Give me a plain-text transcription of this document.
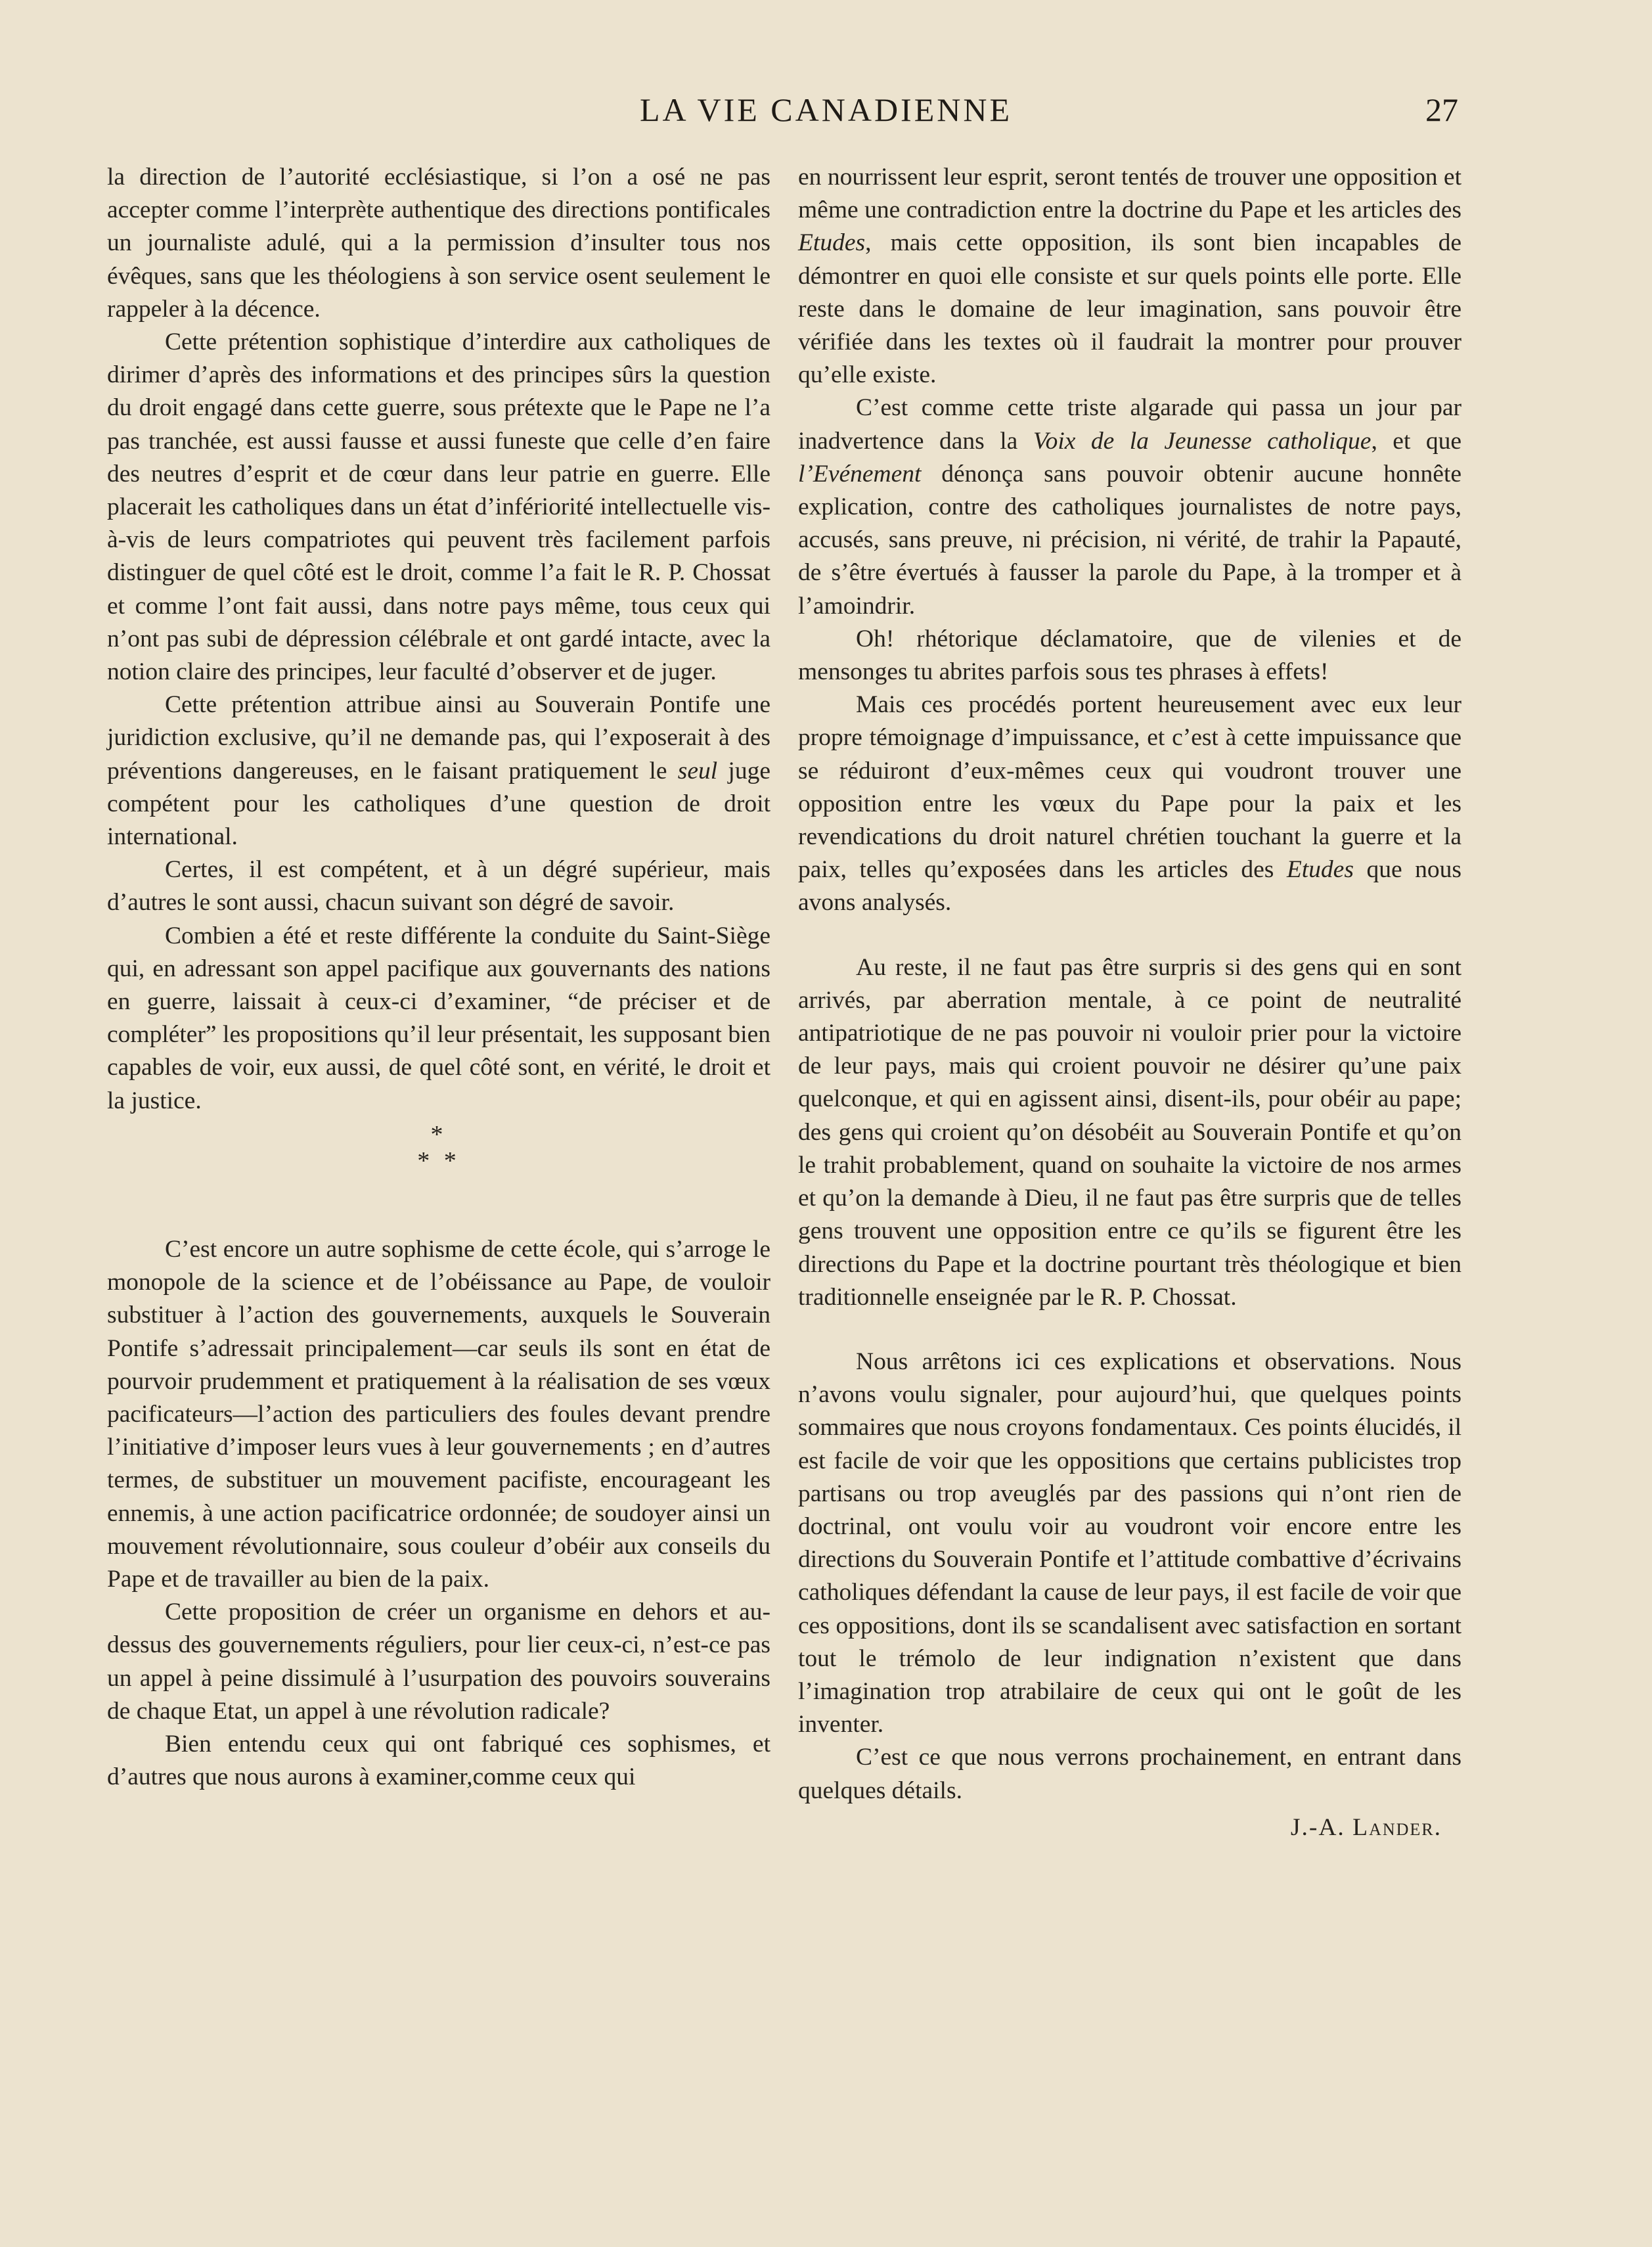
LA VIE CANADIENNE	27

la direction de l’autorité ecclésiastique, si l’on a osé ne pas accepter comme l’interprète authentique des directions pontificales un journaliste adulé, qui a la permission d’insulter tous nos évêques, sans que les théologiens à son service osent seulement le rappeler à la décence.

Cette prétention sophistique d’interdire aux catholiques de dirimer d’après des informations et des principes sûrs la question du droit engagé dans cette guerre, sous prétexte que le Pape ne l’a pas tranchée, est aussi fausse et aussi funeste que celle d’en faire des neutres d’esprit et de cœur dans leur patrie en guerre. Elle placerait les catholiques dans un état d’infériorité intellectuelle vis-à-vis de leurs compatriotes qui peuvent très facilement parfois distinguer de quel côté est le droit, comme l’a fait le R. P. Chossat et comme l’ont fait aussi, dans notre pays même, tous ceux qui n’ont pas subi de dépression célébrale et ont gardé intacte, avec la notion claire des principes, leur faculté d’observer et de juger.

Cette prétention attribue ainsi au Souverain Pontife une juridiction exclusive, qu’il ne demande pas, qui l’exposerait à des préventions dangereuses, en le faisant pratiquement le seul juge compétent pour les catholiques d’une question de droit international.

Certes, il est compétent, et à un dégré supérieur, mais d’autres le sont aussi, chacun suivant son dégré de savoir.

Combien a été et reste différente la conduite du Saint-Siège qui, en adressant son appel pacifique aux gouvernants des nations en guerre, laissait à ceux-ci d’examiner, “de préciser et de compléter” les propositions qu’il leur présentait, les supposant bien capables de voir, eux aussi, de quel côté sont, en vérité, le droit et la justice.

*
* *

C’est encore un autre sophisme de cette école, qui s’arroge le monopole de la science et de l’obéissance au Pape, de vouloir substituer à l’action des gouvernements, auxquels le Souverain Pontife s’adressait principalement—car seuls ils sont en état de pourvoir prudemment et pratiquement à la réalisation de ses vœux pacificateurs—l’action des particuliers des foules devant prendre l’initiative d’imposer leurs vues à leur gouvernements ; en d’autres termes, de substituer un mouvement pacifiste, encourageant les ennemis, à une action pacificatrice ordonnée; de soudoyer ainsi un mouvement révolutionnaire, sous couleur d’obéir aux conseils du Pape et de travailler au bien de la paix.

Cette proposition de créer un organisme en dehors et au-dessus des gouvernements réguliers, pour lier ceux-ci, n’est-ce pas un appel à peine dissimulé à l’usurpation des pouvoirs souverains de chaque Etat, un appel à une révolution radicale?

Bien entendu ceux qui ont fabriqué ces sophismes, et d’autres que nous aurons à examiner,comme ceux qui

en nourrissent leur esprit, seront tentés de trouver une opposition et même une contradiction entre la doctrine du Pape et les articles des Etudes, mais cette opposition, ils sont bien incapables de démontrer en quoi elle consiste et sur quels points elle porte. Elle reste dans le domaine de leur imagination, sans pouvoir être vérifiée dans les textes où il faudrait la montrer pour prouver qu’elle existe.

C’est comme cette triste algarade qui passa un jour par inadvertence dans la Voix de la Jeunesse catholique, et que l’Evénement dénonça sans pouvoir obtenir aucune honnête explication, contre des catholiques journalistes de notre pays, accusés, sans preuve, ni précision, ni vérité, de trahir la Papauté, de s’être évertués à fausser la parole du Pape, à la tromper et à l’amoindrir.

Oh! rhétorique déclamatoire, que de vilenies et de mensonges tu abrites parfois sous tes phrases à effets!

Mais ces procédés portent heureusement avec eux leur propre témoignage d’impuissance, et c’est à cette impuissance que se réduiront d’eux-mêmes ceux qui voudront trouver une opposition entre les vœux du Pape pour la paix et les revendications du droit naturel chrétien touchant la guerre et la paix, telles qu’exposées dans les articles des Etudes que nous avons analysés.

Au reste, il ne faut pas être surpris si des gens qui en sont arrivés, par aberration mentale, à ce point de neutralité antipatriotique de ne pas pouvoir ni vouloir prier pour la victoire de leur pays, mais qui croient pouvoir ne désirer qu’une paix quelconque, et qui en agissent ainsi, disent-ils, pour obéir au pape; des gens qui croient qu’on désobéit au Souverain Pontife et qu’on le trahit probablement, quand on souhaite la victoire de nos armes et qu’on la demande à Dieu, il ne faut pas être surpris que de telles gens trouvent une opposition entre ce qu’ils se figurent être les directions du Pape et la doctrine pourtant très théologique et bien traditionnelle enseignée par le R. P. Chossat.

Nous arrêtons ici ces explications et observations. Nous n’avons voulu signaler, pour aujourd’hui, que quelques points sommaires que nous croyons fondamentaux. Ces points élucidés, il est facile de voir que les oppositions que certains publicistes trop partisans ou trop aveuglés par des passions qui n’ont rien de doctrinal, ont voulu voir au voudront voir encore entre les directions du Souverain Pontife et l’attitude combattive d’écrivains catholiques défendant la cause de leur pays, il est facile de voir que ces oppositions, dont ils se scandalisent avec satisfaction en sortant tout le trémolo de leur indignation n’existent que dans l’imagination trop atrabilaire de ceux qui ont le goût de les inventer.

C’est ce que nous verrons prochainement, en entrant dans quelques détails.

J.-A. Lander.
